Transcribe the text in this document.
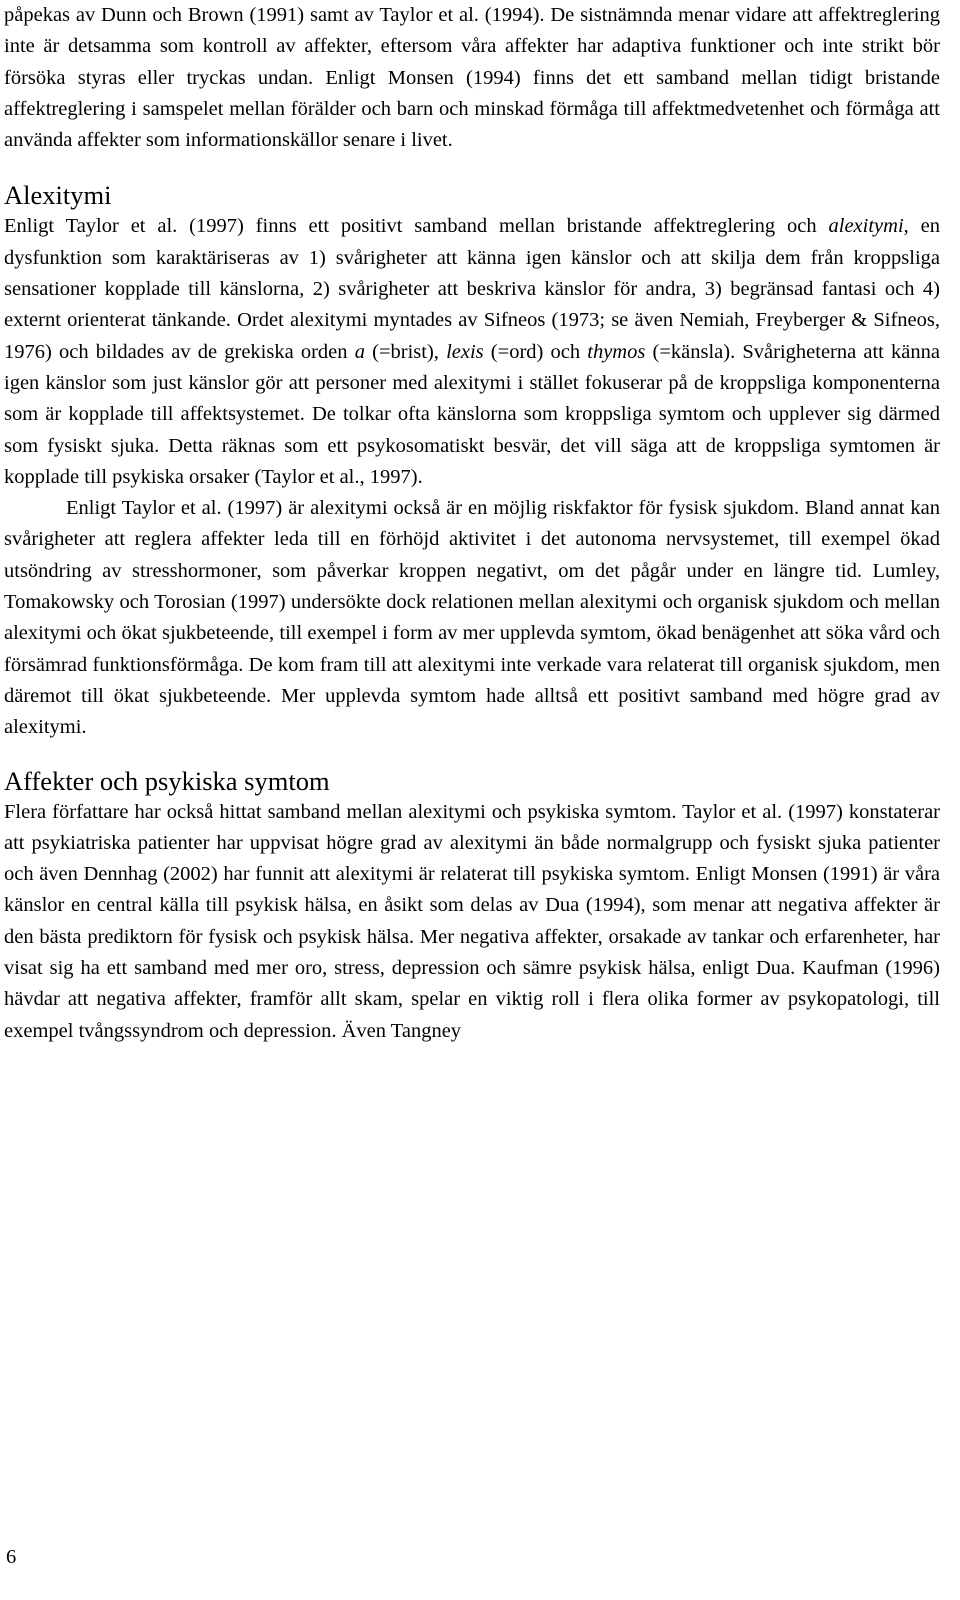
påpekas av Dunn och Brown (1991) samt av Taylor et al. (1994). De sistnämnda menar vidare att affektreglering inte är detsamma som kontroll av affekter, eftersom våra affekter har adaptiva funktioner och inte strikt bör försöka styras eller tryckas undan. Enligt Monsen (1994) finns det ett samband mellan tidigt bristande affektreglering i samspelet mellan förälder och barn och minskad förmåga till affektmedvetenhet och förmåga att använda affekter som informationskällor senare i livet.

Alexitymi

Enligt Taylor et al. (1997) finns ett positivt samband mellan bristande affektreglering och alexitymi, en dysfunktion som karaktäriseras av 1) svårigheter att känna igen känslor och att skilja dem från kroppsliga sensationer kopplade till känslorna, 2) svårigheter att beskriva känslor för andra, 3) begränsad fantasi och 4) externt orienterat tänkande. Ordet alexitymi myntades av Sifneos (1973; se även Nemiah, Freyberger & Sifneos, 1976) och bildades av de grekiska orden a (=brist), lexis (=ord) och thymos (=känsla). Svårigheterna att känna igen känslor som just känslor gör att personer med alexitymi i stället fokuserar på de kroppsliga komponenterna som är kopplade till affektsystemet. De tolkar ofta känslorna som kroppsliga symtom och upplever sig därmed som fysiskt sjuka. Detta räknas som ett psykosomatiskt besvär, det vill säga att de kroppsliga symtomen är kopplade till psykiska orsaker (Taylor et al., 1997).

Enligt Taylor et al. (1997) är alexitymi också är en möjlig riskfaktor för fysisk sjukdom. Bland annat kan svårigheter att reglera affekter leda till en förhöjd aktivitet i det autonoma nervsystemet, till exempel ökad utsöndring av stresshormoner, som påverkar kroppen negativt, om det pågår under en längre tid. Lumley, Tomakowsky och Torosian (1997) undersökte dock relationen mellan alexitymi och organisk sjukdom och mellan alexitymi och ökat sjukbeteende, till exempel i form av mer upplevda symtom, ökad benägenhet att söka vård och försämrad funktionsförmåga. De kom fram till att alexitymi inte verkade vara relaterat till organisk sjukdom, men däremot till ökat sjukbeteende. Mer upplevda symtom hade alltså ett positivt samband med högre grad av alexitymi.

Affekter och psykiska symtom

Flera författare har också hittat samband mellan alexitymi och psykiska symtom. Taylor et al. (1997) konstaterar att psykiatriska patienter har uppvisat högre grad av alexitymi än både normalgrupp och fysiskt sjuka patienter och även Dennhag (2002) har funnit att alexitymi är relaterat till psykiska symtom. Enligt Monsen (1991) är våra känslor en central källa till psykisk hälsa, en åsikt som delas av Dua (1994), som menar att negativa affekter är den bästa prediktorn för fysisk och psykisk hälsa. Mer negativa affekter, orsakade av tankar och erfarenheter, har visat sig ha ett samband med mer oro, stress, depression och sämre psykisk hälsa, enligt Dua. Kaufman (1996) hävdar att negativa affekter, framför allt skam, spelar en viktig roll i flera olika former av psykopatologi, till exempel tvångssyndrom och depression. Även Tangney

6
